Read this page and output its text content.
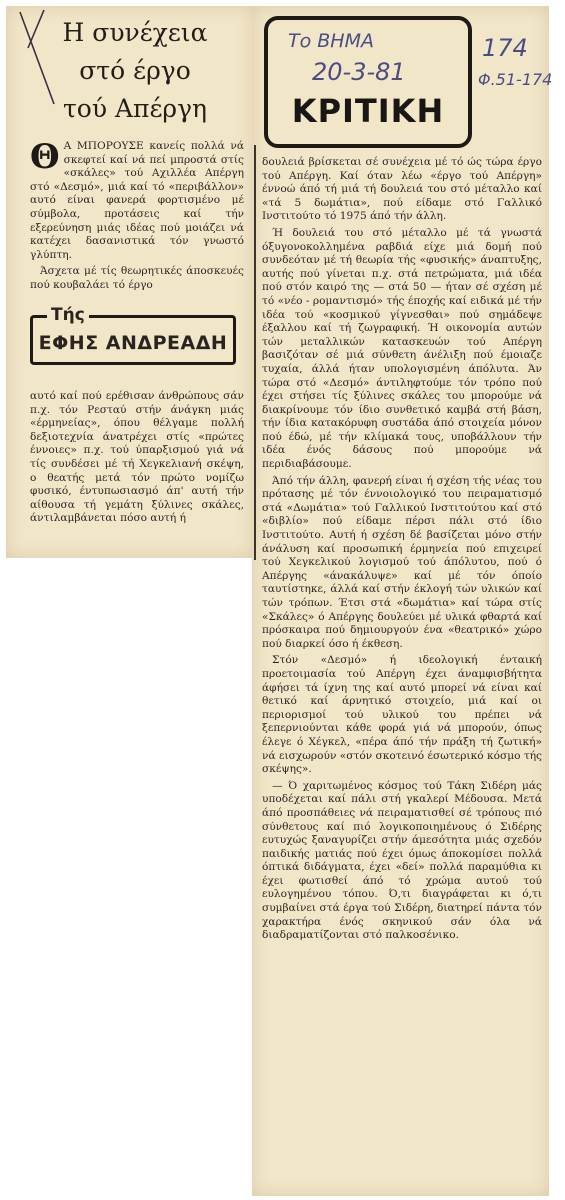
Η συνέχεια
στό έργο
τού Απέργη
Το ΒΗΜΑ
20-3-81
ΚΡΙΤΙΚΗ
174
Φ.51-174

Θ Α ΜΠΟΡΟΥΣΕ κανείς πολλά νά σκεφτεί καί νά πεί μπροστά στίς «σκάλες» τού Αχιλλέα Απέργη στό «Δεσμό», μιά καί τό «περιβάλλον» αυτό είναι φανερά φορτισμένο μέ σύμβολα, προτάσεις καί τήν εξερεύνηση μιάς ιδέας πού μοιάζει νά κατέχει δασανιστικά τόν γνωστό γλύπτη.

Άσχετα μέ τίς θεωρητικές άποσκευές πού κουβαλάει τό έργο

Τής
ΕΦΗΣ ΑΝΔΡΕΑΔΗ

αυτό καί πού ερέθισαν άνθρώπους σάν π.χ. τόν Ρεσταύ στήν άνάγκη μιάς «έρμηνείας», όπου θέλγαμε πολλή δεξιοτεχνία άνατρέχει στίς «πρώτες έννοιες» π.χ. τού ύπαρξισμού γιά νά τίς συνδέσει μέ τή Χεγκελιανή σκέψη, ο θεατής μετά τόν πρώτο νομίζω φυσικό, έντυπωσιασμό άπ' αυτή τήν αίθουσα τή γεμάτη ξύλινες σκάλες, άντιλαμβάνεται πόσο αυτή ή

δουλειά βρίσκεται σέ συνέχεια μέ τό ώς τώρα έργο τού Απέργη. Καί όταν λέω «έργο τού Απέργη» έννοώ άπό τή μιά τή δουλειά του στό μέταλλο καί «τά 5 δωμάτια», πού είδαμε στό Γαλλικό Ινστιτούτο τό 1975 άπό τήν άλλη.

Ή δουλειά του στό μέταλλο μέ τά γνωστά όξυγονοκολλημένα ραβδιά είχε μιά δομή πού συνδεόταν μέ τή θεωρία τής «φυσικής» άναπτυξης, αυτής πού γίνεται π.χ. στά πετρώματα, μιά ιδέα πού στόν καιρό της — στά 50 — ήταν σέ σχέση μέ τό «νέο - ρομαντισμό» τής έποχής καί ειδικά μέ τήν ιδέα τού «κοσμικού γίγνεσθαι» πού σημάδεψε έξαλλου καί τή ζωγραφική. Ή οικονομία αυτών τών μεταλλικών κατασκευών τού Απέργη βασιζόταν σέ μιά σύνθετη άνέλιξη πού έμοιαζε τυχαία, άλλά ήταν υπολογισμένη άπόλυτα. Άν τώρα στό «Δεσμό» άντιληφτούμε τόν τρόπο πού έχει στήσει τίς ξύλινες σκάλες του μπορούμε νά διακρίνουμε τόν ίδιο συνθετικό καμβά στή βάση, τήν ίδια κατακόρυφη συστάδα άπό στοιχεία μόνον πού έδώ, μέ τήν κλίμακά τους, υποβάλλουν τήν ιδέα ένός δάσους πού μπορούμε νά περιδιαβάσουμε.

Άπό τήν άλλη, φανερή είναι ή σχέση τής νέας του πρότασης μέ τόν έννοιολογικό του πειραματισμό στά «Δωμάτια» τού Γαλλικού Ινστιτούτου καί στό «διβλίο» πού είδαμε πέρσι πάλι στό ίδιο Ινστιτούτο. Αυτή ή σχέση δέ βασίζεται μόνο στήν άνάλυση καί προσωπική έρμηνεία πού επιχειρεί τού Χεγκελικού λογισμού τού άπόλυτου, πού ό Απέργης «άνακάλυψε» καί μέ τόν όποίο ταυτίστηκε, άλλά καί στήν έκλογή τών υλικών καί τών τρόπων. Έτσι στά «δωμάτια» καί τώρα στίς «Σκάλες» ό Απέργης δουλεύει μέ υλικά φθαρτά καί πρόσκαιρα πού δημιουργούν ένα «θεατρικό» χώρο πού διαρκεί όσο ή έκθεση.

Στόν «Δεσμό» ή ιδεολογική ένταική προετοιμασία τού Απέργη έχει άναμφισβήτητα άφήσει τά ίχνη της καί αυτό μπορεί νά είναι καί θετικό καί άρνητικό στοιχείο, μιά καί οι περιορισμοί τού υλικού του πρέπει νά ξεπερνιούνται κάθε φορά γιά νά μπορούν, όπως έλεγε ό Χέγκελ, «πέρα άπό τήν πράξη τή ζωτική» νά εισχωρούν «στόν σκοτεινό έσωτερικό κόσμο τής σκέψης».

— Ό χαριτωμένος κόσμος τού Τάκη Σιδέρη μάς υποδέχεται καί πάλι στή γκαλερί Μέδουσα. Μετά άπό προσπάθειες νά πειραματισθεί σέ τρόπους πιό σύνθετους καί πιό λογικοποιημένους ό Σιδέρης ευτυχώς ξαναγυρίζει στήν άμεσότητα μιάς σχεδόν παιδικής ματιάς πού έχει όμως άποκομίσει πολλά όπτικά διδάγματα, έχει «δεί» πολλά παραμύθια κι έχει φωτισθεί άπό τό χρώμα αυτού τού ευλογημένου τόπου. Ό,τι διαγράφεται κι ό,τι συμβαίνει στά έργα τού Σιδέρη, διατηρεί πάντα τόν χαρακτήρα ένός σκηνικού σάν όλα νά διαδραματίζονται στό παλκοσένικο.
